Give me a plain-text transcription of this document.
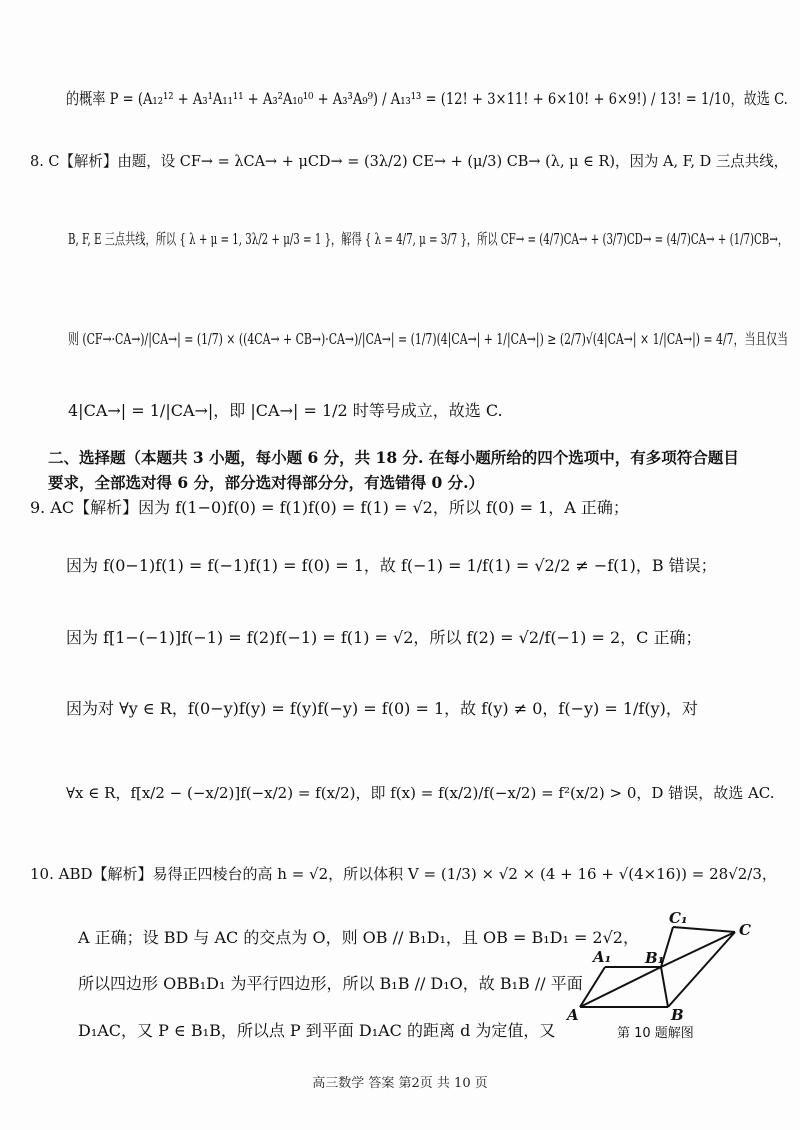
的概率 P = (A₁₂¹² + A₃¹A₁₁¹¹ + A₃²A₁₀¹⁰ + A₃³A₉⁹) / A₁₃¹³ = (12! + 3×11! + 6×10! + 6×9!) / 13! = 1/10，故选 C.
8. C【解析】由题，设 CF→ = λCA→ + μCD→ = (3λ/2) CE→ + (μ/3) CB→ (λ, μ ∈ R)，因为 A, F, D 三点共线，
B, F, E 三点共线，所以 { λ + μ = 1, 3λ/2 + μ/3 = 1 }，解得 { λ = 4/7, μ = 3/7 }，所以 CF→ = (4/7)CA→ + (3/7)CD→ = (4/7)CA→ + (1/7)CB→，
则 (CF→·CA→)/|CA→| = (1/7) × ((4CA→ + CB→)·CA→)/|CA→| = (1/7)(4|CA→| + 1/|CA→|) ≥ (2/7)√(4|CA→| × 1/|CA→|) = 4/7，当且仅当
4|CA→| = 1/|CA→|，即 |CA→| = 1/2 时等号成立，故选 C.
二、选择题（本题共 3 小题，每小题 6 分，共 18 分. 在每小题所给的四个选项中，有多项符合题目
要求，全部选对得 6 分，部分选对得部分分，有选错得 0 分.）
9. AC【解析】因为 f(1−0)f(0) = f(1)f(0) = f(1) = √2，所以 f(0) = 1，A 正确；
因为 f(0−1)f(1) = f(−1)f(1) = f(0) = 1，故 f(−1) = 1/f(1) = √2/2 ≠ −f(1)，B 错误；
因为 f[1−(−1)]f(−1) = f(2)f(−1) = f(1) = √2，所以 f(2) = √2/f(−1) = 2，C 正确；
因为对 ∀y ∈ R，f(0−y)f(y) = f(y)f(−y) = f(0) = 1，故 f(y) ≠ 0，f(−y) = 1/f(y)，对
∀x ∈ R，f[x/2 − (−x/2)]f(−x/2) = f(x/2)，即 f(x) = f(x/2)/f(−x/2) = f²(x/2) > 0，D 错误，故选 AC.
10. ABD【解析】易得正四棱台的高 h = √2，所以体积 V = (1/3) × √2 × (4 + 16 + √(4×16)) = 28√2/3，
A 正确；设 BD 与 AC 的交点为 O，则 OB // B₁D₁，且 OB = B₁D₁ = 2√2，
所以四边形 OBB₁D₁ 为平行四边形，所以 B₁B // D₁O，故 B₁B // 平面
D₁AC，又 P ∈ B₁B，所以点 P 到平面 D₁AC 的距离 d 为定值，又
C₁
C
A₁ B₁
A	B
第 10 题解图
高三数学 答案 第2页 共 10 页
